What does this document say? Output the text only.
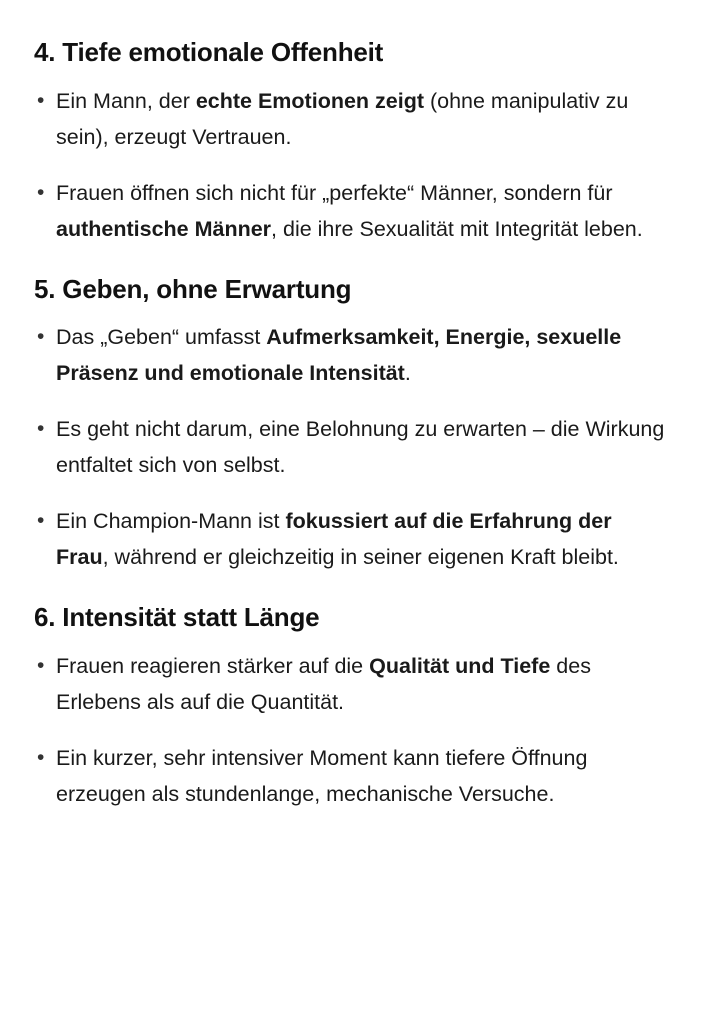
4. Tiefe emotionale Offenheit
• Ein Mann, der echte Emotionen zeigt (ohne manipulativ zu sein), erzeugt Vertrauen.
• Frauen öffnen sich nicht für „perfekte“ Männer, sondern für authentische Männer, die ihre Sexualität mit Integrität leben.
5. Geben, ohne Erwartung
• Das „Geben“ umfasst Aufmerksamkeit, Energie, sexuelle Präsenz und emotionale Intensität.
• Es geht nicht darum, eine Belohnung zu erwarten – die Wirkung entfaltet sich von selbst.
• Ein Champion-Mann ist fokussiert auf die Erfahrung der Frau, während er gleichzeitig in seiner eigenen Kraft bleibt.
6. Intensität statt Länge
• Frauen reagieren stärker auf die Qualität und Tiefe des Erlebens als auf die Quantität.
• Ein kurzer, sehr intensiver Moment kann tiefere Öffnung erzeugen als stundenlange, mechanische Versuche.
